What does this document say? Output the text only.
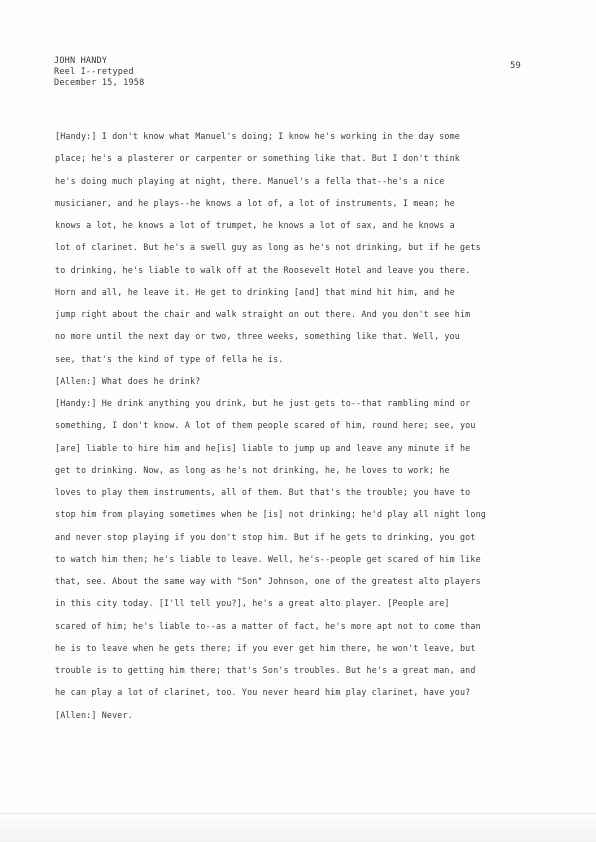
JOHN HANDY
Reel I--retyped
December 15, 1958
59
[Handy:] I don't know what Manuel's doing; I know he's working in the day some
place; he's a plasterer or carpenter or something like that. But I don't think
he's doing much playing at night, there. Manuel's a fella that--he's a nice
musicianer, and he plays--he knows a lot of, a lot of instruments, I mean; he
knows a lot, he knows a lot of trumpet, he knows a lot of sax, and he knows a
lot of clarinet. But he's a swell guy as long as he's not drinking, but if he gets
to drinking, he's liable to walk off at the Roosevelt Hotel and leave you there.
Horn and all, he leave it. He get to drinking [and] that mind hit him, and he
jump right about the chair and walk straight on out there. And you don't see him
no more until the next day or two, three weeks, something like that. Well, you
see, that's the kind of type of fella he is.
[Allen:] What does he drink?
[Handy:] He drink anything you drink, but he just gets to--that rambling mind or
something, I don't know. A lot of them people scared of him, round here; see, you
[are] liable to hire him and he[is] liable to jump up and leave any minute if he
get to drinking. Now, as long as he's not drinking, he, he loves to work; he
loves to play them instruments, all of them. But that's the trouble; you have to
stop him from playing sometimes when he [is] not drinking; he'd play all night long
and never stop playing if you don't stop him. But if he gets to drinking, you got
to watch him then; he's liable to leave. Well, he's--people get scared of him like
that, see. About the same way with "Son" Johnson, one of the greatest alto players
in this city today. [I'll tell you?], he's a great alto player. [People are]
scared of him; he's liable to--as a matter of fact, he's more apt not to come than
he is to leave when he gets there; if you ever get him there, he won't leave, but
trouble is to getting him there; that's Son's troubles. But he's a great man, and
he can play a lot of clarinet, too. You never heard him play clarinet, have you?
[Allen:] Never.
